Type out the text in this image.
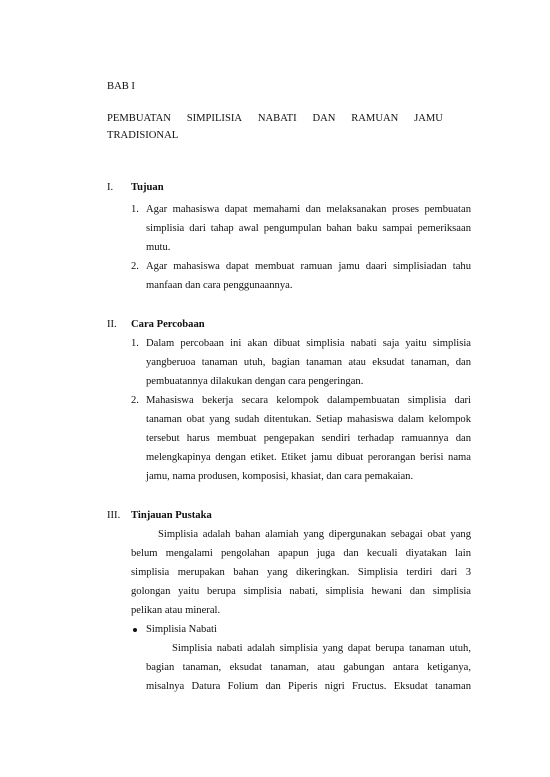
BAB I
PEMBUATAN SIMPILISIA NABATI DAN RAMUAN JAMU
TRADISIONAL
I. Tujuan
1. Agar mahasiswa dapat memahami dan melaksanakan proses pembuatan
simplisia dari tahap awal pengumpulan bahan baku sampai pemeriksaan
mutu.
2. Agar mahasiswa dapat membuat ramuan jamu daari simplisiadan tahu
manfaan dan cara penggunaannya.
II. Cara Percobaan
1. Dalam percobaan ini akan dibuat simplisia nabati saja yaitu simplisia
yangberuoa tanaman utuh, bagian tanaman atau eksudat tanaman, dan
pembuatannya dilakukan dengan cara pengeringan.
2. Mahasiswa bekerja secara kelompok dalampembuatan simplisia dari
tanaman obat yang sudah ditentukan. Setiap mahasiswa dalam kelompok
tersebut harus membuat pengepakan sendiri terhadap ramuannya dan
melengkapinya dengan etiket. Etiket jamu dibuat perorangan berisi nama
jamu, nama produsen, komposisi, khasiat, dan cara pemakaian.
III. Tinjauan Pustaka
Simplisia adalah bahan alamiah yang dipergunakan sebagai obat yang
belum mengalami pengolahan apapun juga dan kecuali diyatakan lain
simplisia merupakan bahan yang dikeringkan. Simplisia terdiri dari 3
golongan yaitu berupa simplisia nabati, simplisia hewani dan simplisia
pelikan atau mineral.
Simplisia Nabati
Simplisia nabati adalah simplisia yang dapat berupa tanaman utuh,
bagian tanaman, eksudat tanaman, atau gabungan antara ketiganya,
misalnya Datura Folium dan Piperis nigri Fructus. Eksudat tanaman
